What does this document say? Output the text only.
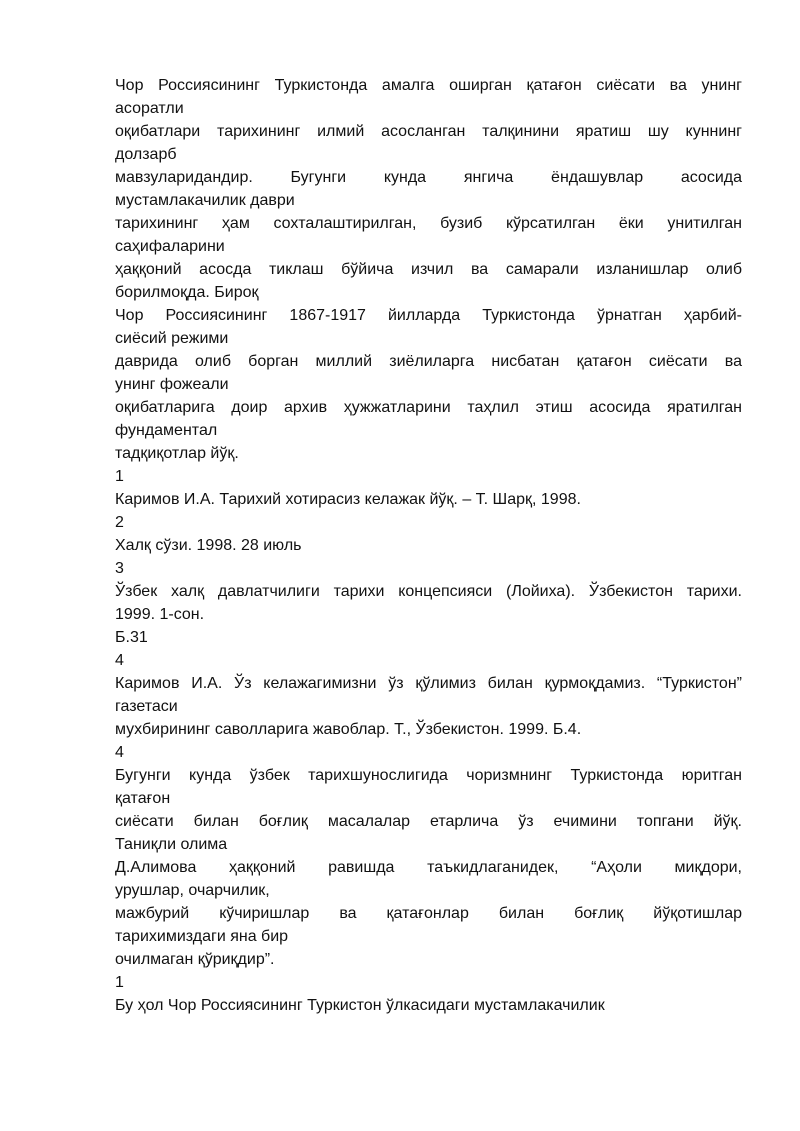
Чор Россиясининг Туркистонда амалга оширган қатағон сиёсати ва унинг
асоратли
оқибатлари тарихининг илмий асосланган талқинини яратиш шу куннинг
долзарб
мавзуларидандир. Бугунги кунда янгича ёндашувлар асосида
мустамлакачилик даври
тарихининг ҳам сохталаштирилган, бузиб кўрсатилган ёки унитилган
саҳифаларини
ҳаққоний асосда тиклаш бўйича изчил ва самарали изланишлар олиб
борилмоқда. Бироқ
Чор Россиясининг 1867-1917 йилларда Туркистонда ўрнатган ҳарбий-
сиёсий режими
даврида олиб борган миллий зиёлиларга нисбатан қатағон сиёсати ва
унинг фожеали
оқибатларига доир архив ҳужжатларини таҳлил этиш асосида яратилган
фундаментал
тадқиқотлар йўқ.
1
Каримов И.А. Тарихий хотирасиз келажак йўқ. – Т. Шарқ, 1998.
2
Халқ сўзи. 1998. 28 июль
3
Ўзбек халқ давлатчилиги тарихи концепсияси (Лойиха). Ўзбекистон тарихи.
1999. 1-сон.
Б.31
4
Каримов И.А. Ўз келажагимизни ўз қўлимиз билан қурмоқдамиз. “Туркистон”
газетаси
мухбирининг саволларига жавоблар. Т., Ўзбекистон. 1999. Б.4.
4
Бугунги кунда ўзбек тарихшунослигида чоризмнинг Туркистонда юритган
қатағон
сиёсати билан боғлиқ масалалар етарлича ўз ечимини топгани йўқ.
Таниқли олима
Д.Алимова ҳаққоний равишда таъкидлаганидек, “Аҳоли миқдори,
урушлар, очарчилик,
мажбурий кўчиришлар ва қатағонлар билан боғлиқ йўқотишлар
тарихимиздаги яна бир
очилмаган қўриқдир”.
1
Бу ҳол Чор Россиясининг Туркистон ўлкасидаги мустамлакачилик
